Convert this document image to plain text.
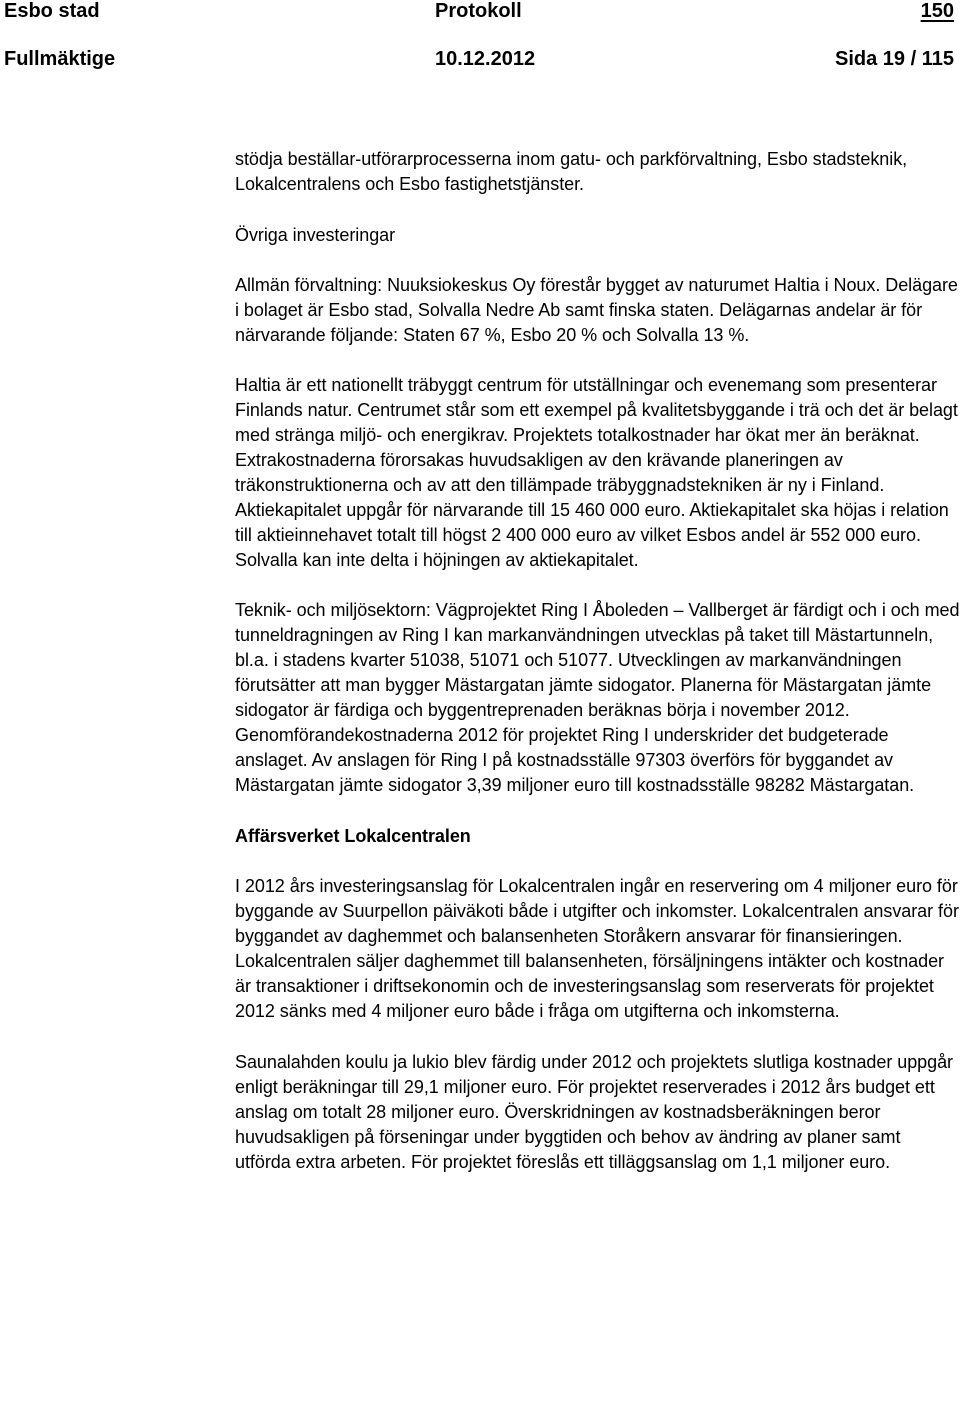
Esbo stad	Protokoll	150
Fullmäktige	10.12.2012	Sida 19 / 115

stödja beställar-utförarprocesserna inom gatu- och parkförvaltning, Esbo stadsteknik, Lokalcentralens och Esbo fastighetstjänster.

Övriga investeringar

Allmän förvaltning: Nuuksiokeskus Oy förestår bygget av naturumet Haltia i Noux. Delägare i bolaget är Esbo stad, Solvalla Nedre Ab samt finska staten. Delägarnas andelar är för närvarande följande: Staten 67 %, Esbo 20 % och Solvalla 13 %.

Haltia är ett nationellt träbyggt centrum för utställningar och evenemang som presenterar Finlands natur. Centrumet står som ett exempel på kvalitetsbyggande i trä och det är belagt med stränga miljö- och energikrav. Projektets totalkostnader har ökat mer än beräknat. Extrakostnaderna förorsakas huvudsakligen av den krävande planeringen av träkonstruktionerna och av att den tillämpade träbyggnadstekniken är ny i Finland. Aktiekapitalet uppgår för närvarande till 15 460 000 euro. Aktiekapitalet ska höjas i relation till aktieinnehavet totalt till högst 2 400 000 euro av vilket Esbos andel är 552 000 euro. Solvalla kan inte delta i höjningen av aktiekapitalet.

Teknik- och miljösektorn: Vägprojektet Ring I Åboleden – Vallberget är färdigt och i och med tunneldragningen av Ring I kan markanvändningen utvecklas på taket till Mästartunneln, bl.a. i stadens kvarter 51038, 51071 och 51077. Utvecklingen av markanvändningen förutsätter att man bygger Mästargatan jämte sidogator. Planerna för Mästargatan jämte sidogator är färdiga och byggentreprenaden beräknas börja i november 2012. Genomförandekostnaderna 2012 för projektet Ring I underskrider det budgeterade anslaget. Av anslagen för Ring I på kostnadsställe 97303 överförs för byggandet av Mästargatan jämte sidogator 3,39 miljoner euro till kostnadsställe 98282 Mästargatan.

Affärsverket Lokalcentralen

I 2012 års investeringsanslag för Lokalcentralen ingår en reservering om 4 miljoner euro för byggande av Suurpellon päiväkoti både i utgifter och inkomster. Lokalcentralen ansvarar för byggandet av daghemmet och balansenheten Storåkern ansvarar för finansieringen. Lokalcentralen säljer daghemmet till balansenheten, försäljningens intäkter och kostnader är transaktioner i driftsekonomin och de investeringsanslag som reserverats för projektet 2012 sänks med 4 miljoner euro både i fråga om utgifterna och inkomsterna.

Saunalahden koulu ja lukio blev färdig under 2012 och projektets slutliga kostnader uppgår enligt beräkningar till 29,1 miljoner euro. För projektet reserverades i 2012 års budget ett anslag om totalt 28 miljoner euro. Överskridningen av kostnadsberäkningen beror huvudsakligen på förseningar under byggtiden och behov av ändring av planer samt utförda extra arbeten. För projektet föreslås ett tilläggsanslag om 1,1 miljoner euro.
